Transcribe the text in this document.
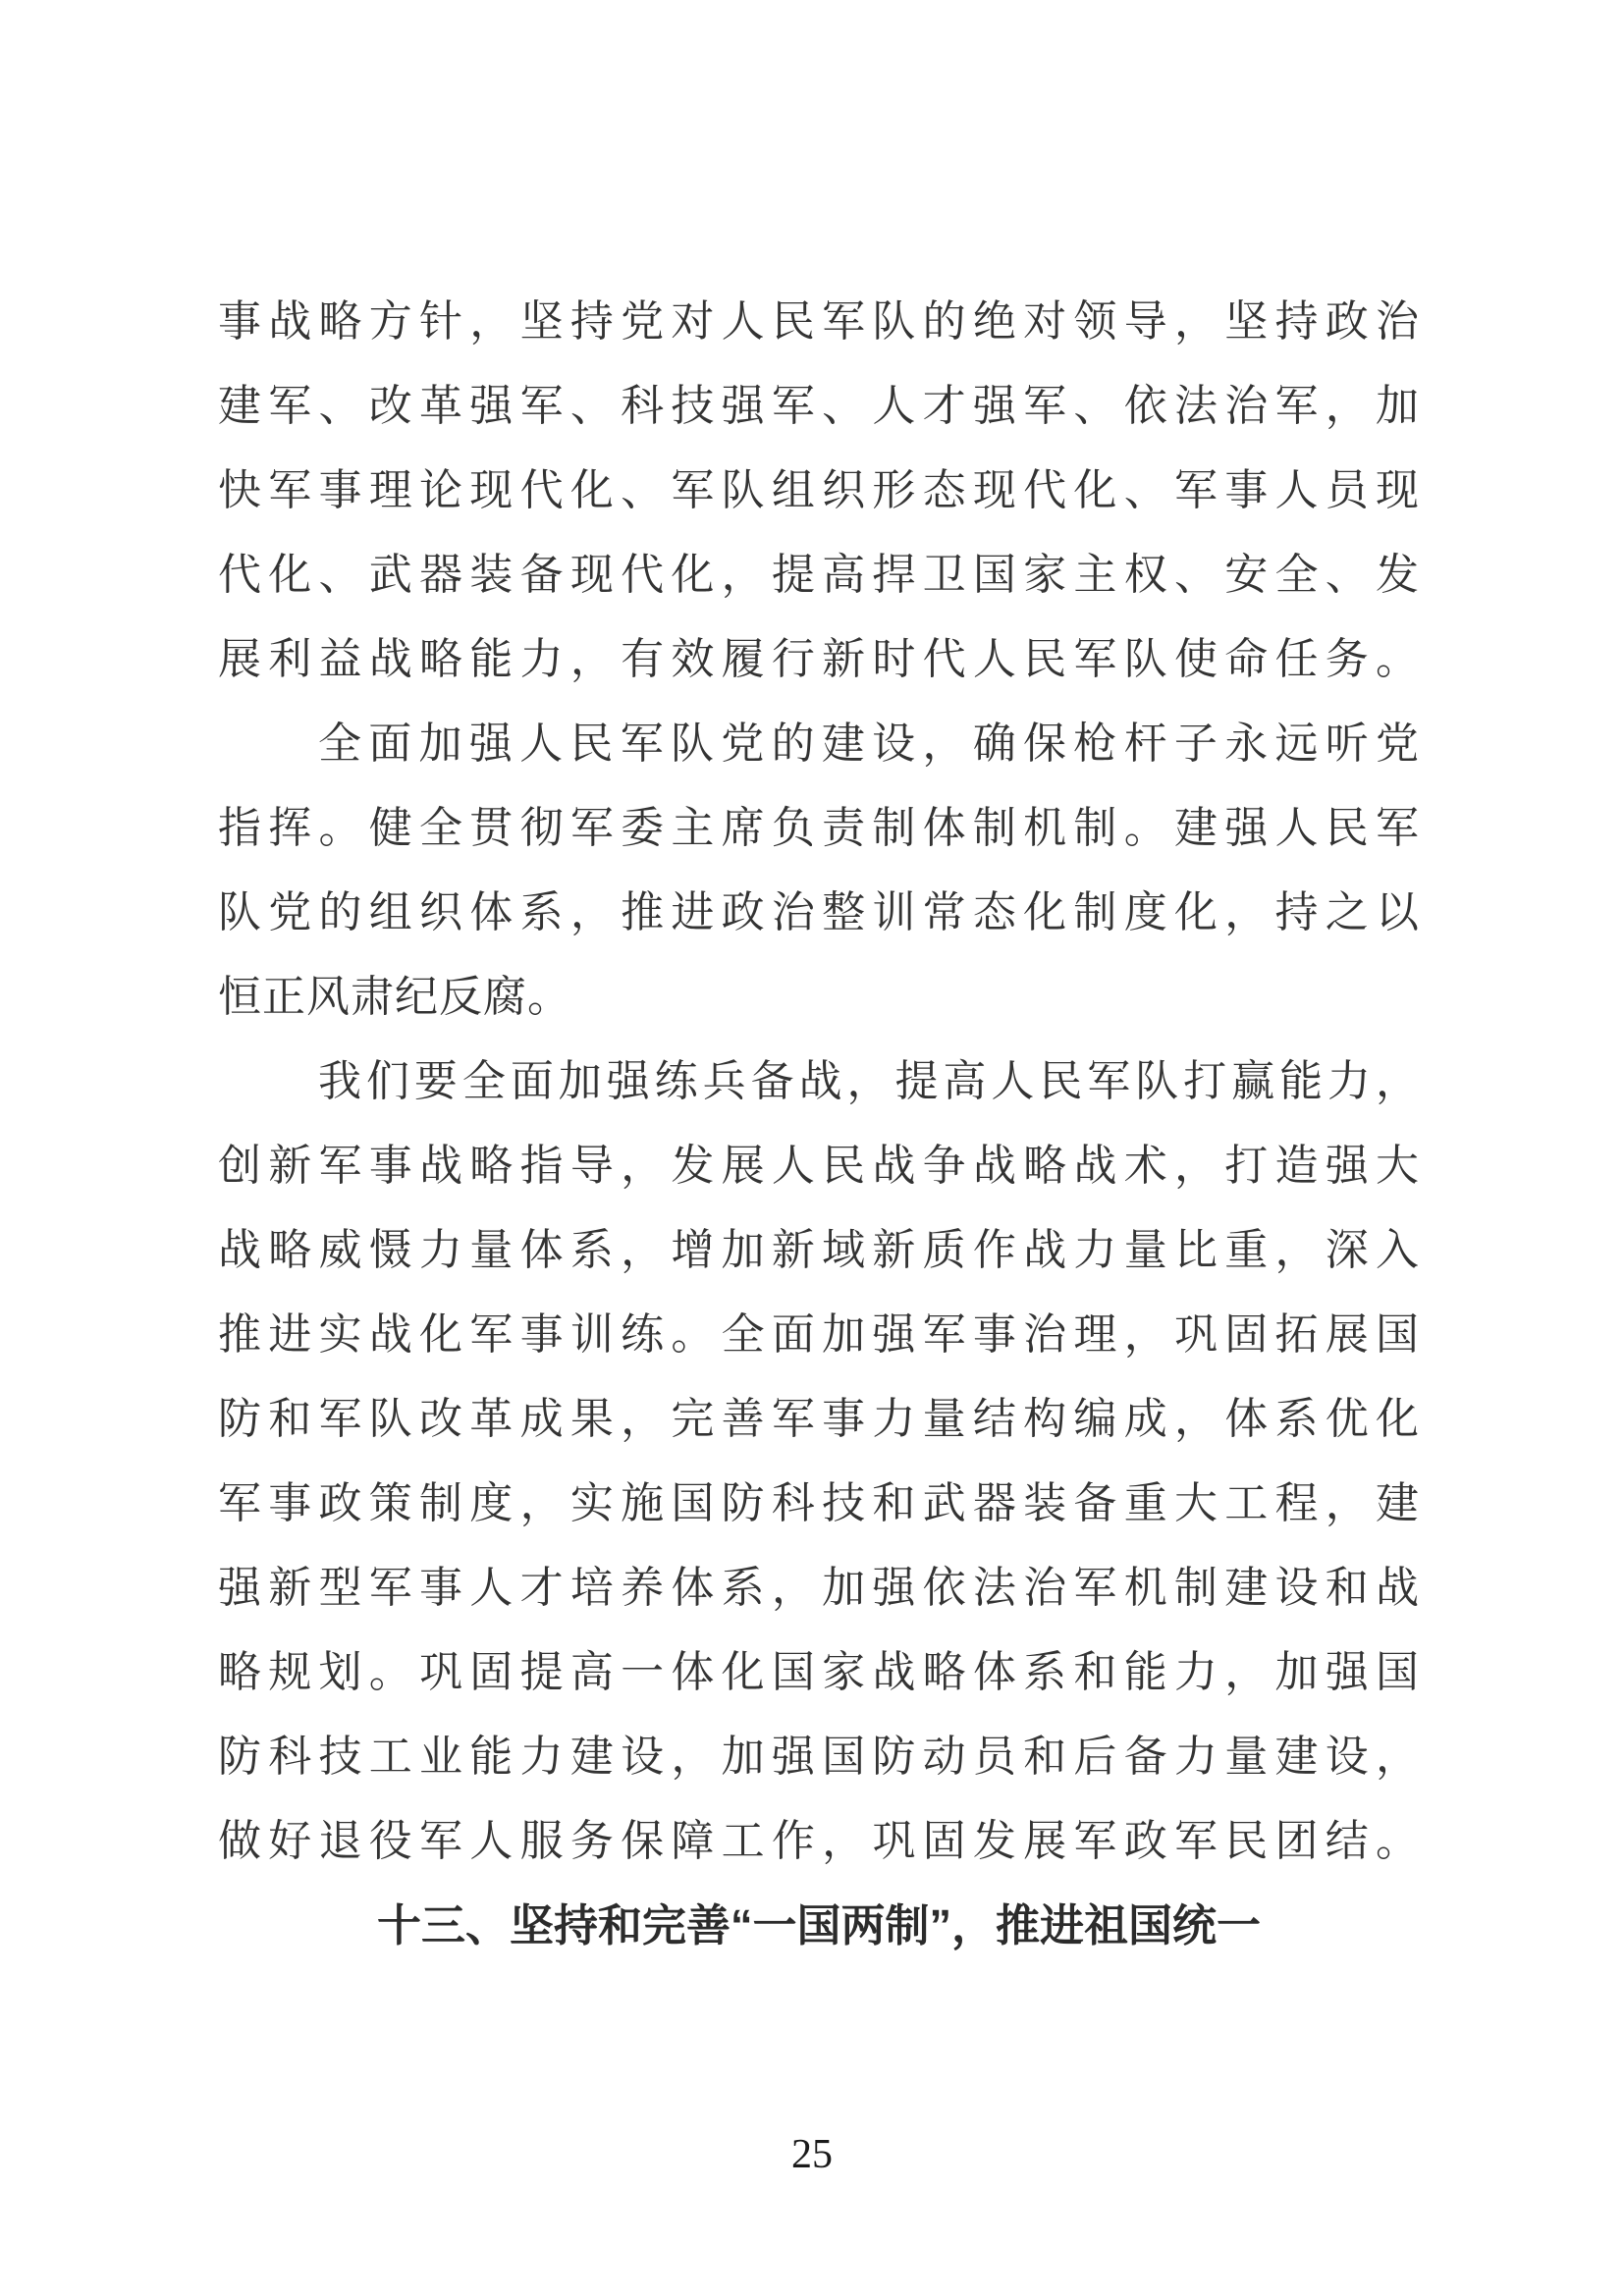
事战略方针，坚持党对人民军队的绝对领导，坚持政治
建军、改革强军、科技强军、人才强军、依法治军，加
快军事理论现代化、军队组织形态现代化、军事人员现
代化、武器装备现代化，提高捍卫国家主权、安全、发
展利益战略能力，有效履行新时代人民军队使命任务。
全面加强人民军队党的建设，确保枪杆子永远听党
指挥。健全贯彻军委主席负责制体制机制。建强人民军
队党的组织体系，推进政治整训常态化制度化，持之以
恒正风肃纪反腐。
我们要全面加强练兵备战，提高人民军队打赢能力，
创新军事战略指导，发展人民战争战略战术，打造强大
战略威慑力量体系，增加新域新质作战力量比重，深入
推进实战化军事训练。全面加强军事治理，巩固拓展国
防和军队改革成果，完善军事力量结构编成，体系优化
军事政策制度，实施国防科技和武器装备重大工程，建
强新型军事人才培养体系，加强依法治军机制建设和战
略规划。巩固提高一体化国家战略体系和能力，加强国
防科技工业能力建设，加强国防动员和后备力量建设，
做好退役军人服务保障工作，巩固发展军政军民团结。
十三、坚持和完善“一国两制”，推进祖国统一
25
